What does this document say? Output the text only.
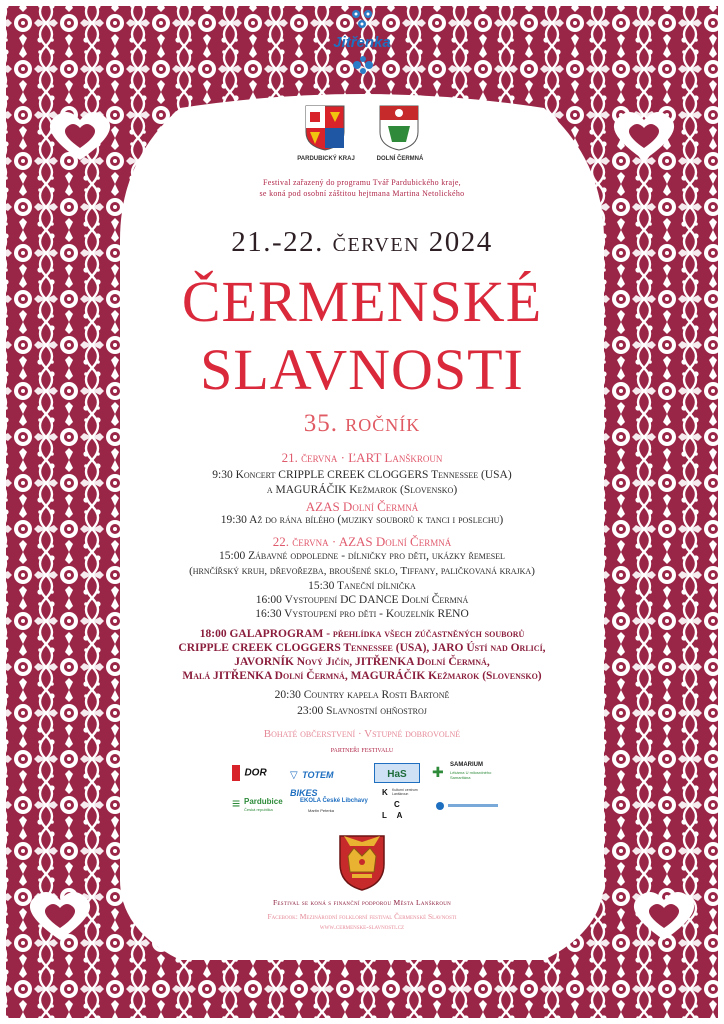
Jitřenka
PARDUBICKÝ KRAJ	DOLNÍ ČERMNÁ
Festival zařazený do programu Tvář Pardubického kraje,
se koná pod osobní záštitou hejtmana Martina Netolického
21.-22. červen 2024
ČERMENSKÉ
SLAVNOSTI
35. ročník
21. června · ĽART Lanškroun
9:30 Koncert CRIPPLE CREEK CLOGGERS Tennessee (USA)
a MAGURÁČIK Kežmarok (Slovensko)
AZAS Dolní Čermná
19:30 Až do rána bílého (muziky souborů k tanci i poslechu)
22. června · AZAS Dolní Čermná
15:00 Zábavné odpoledne - dílničky pro děti, ukázky řemesel
(hrnčířský kruh, dřevořezba, broušené sklo, Tiffany, paličkovaná krajka)
15:30 Taneční dílnička
16:00 Vystoupení DC DANCE Dolní Čermná
16:30 Vystoupení pro děti - Kouzelník RENO
18:00 GALAPROGRAM - přehlídka všech zúčastněných souborů
CRIPPLE CREEK CLOGGERS Tennessee (USA), JARO Ústí nad Orlicí,
JAVORNÍK Nový Jičín, JITŘENKA Dolní Čermná,
Malá JITŘENKA Dolní Čermná, MAGURÁČIK Kežmarok (Slovensko)
20:30 Country kapela Rosti Bartoně
23:00 Slavnostní ohňostroj
Bohaté občerstvení · Vstupné dobrovolné
partneři festivalu
DOR	▽ TOTEM BIKES
HaS	✚ SAMARIUM
Lékárna U milosrdného Samaritána
≡ Pardubice
Česká republika
EKOLA České Libchavy
Martin Peterka
K Kulturní centrum Lanškroun
C
L A
Festival se koná s finanční podporou Města Lanškroun
Facebook: Mezinárodní folklorní festival Čermenské Slavnosti
www.cermenske-slavnosti.cz
